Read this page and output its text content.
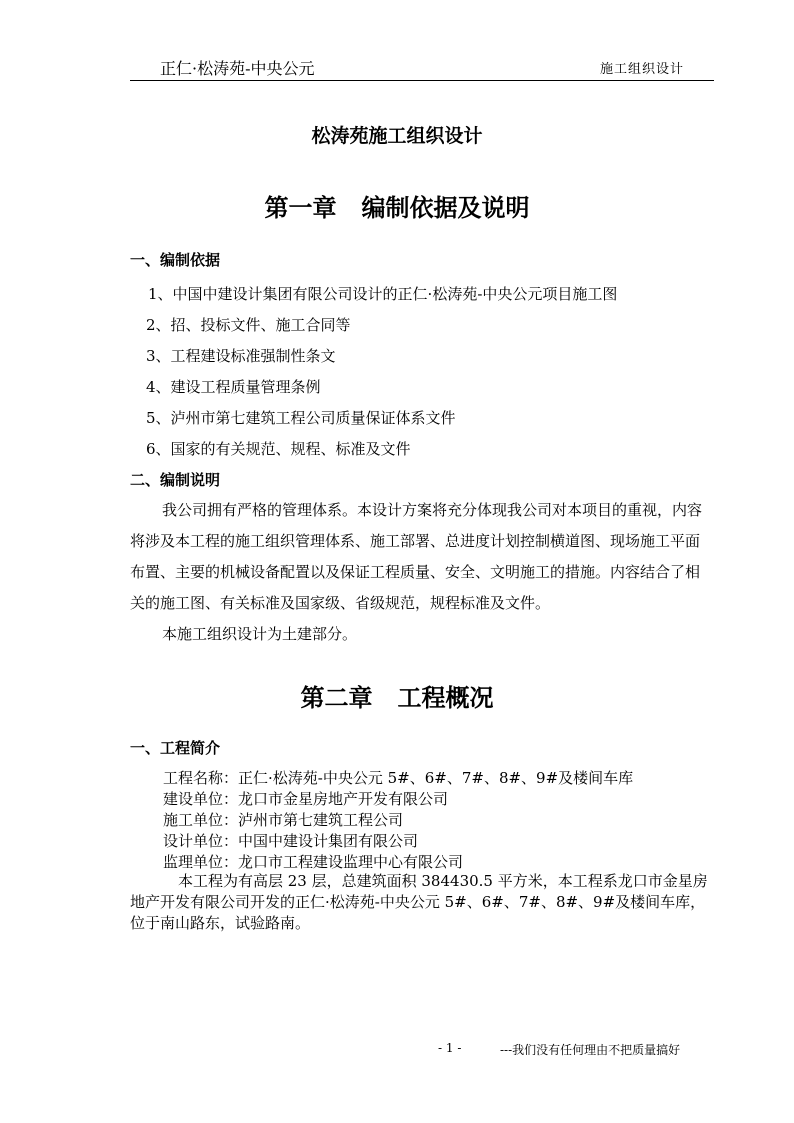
正仁·松涛苑-中央公元	施工组织设计
松涛苑施工组织设计
第一章   编制依据及说明
一、编制依据
1、中国中建设计集团有限公司设计的正仁·松涛苑-中央公元项目施工图
2、招、投标文件、施工合同等
3、工程建设标准强制性条文
4、建设工程质量管理条例
5、泸州市第七建筑工程公司质量保证体系文件
6、国家的有关规范、规程、标准及文件
二、编制说明
我公司拥有严格的管理体系。本设计方案将充分体现我公司对本项目的重视，内容将涉及本工程的施工组织管理体系、施工部署、总进度计划控制横道图、现场施工平面布置、主要的机械设备配置以及保证工程质量、安全、文明施工的措施。内容结合了相关的施工图、有关标准及国家级、省级规范，规程标准及文件。
本施工组织设计为土建部分。
第二章   工程概况
一、工程简介
工程名称：正仁·松涛苑-中央公元 5#、6#、7#、8#、9#及楼间车库
建设单位：龙口市金星房地产开发有限公司
施工单位：泸州市第七建筑工程公司
设计单位：中国中建设计集团有限公司
监理单位：龙口市工程建设监理中心有限公司
本工程为有高层 23 层，总建筑面积 384430.5 平方米，本工程系龙口市金星房地产开发有限公司开发的正仁·松涛苑-中央公元 5#、6#、7#、8#、9#及楼间车库，位于南山路东，试验路南。
- 1 -	---我们没有任何理由不把质量搞好
